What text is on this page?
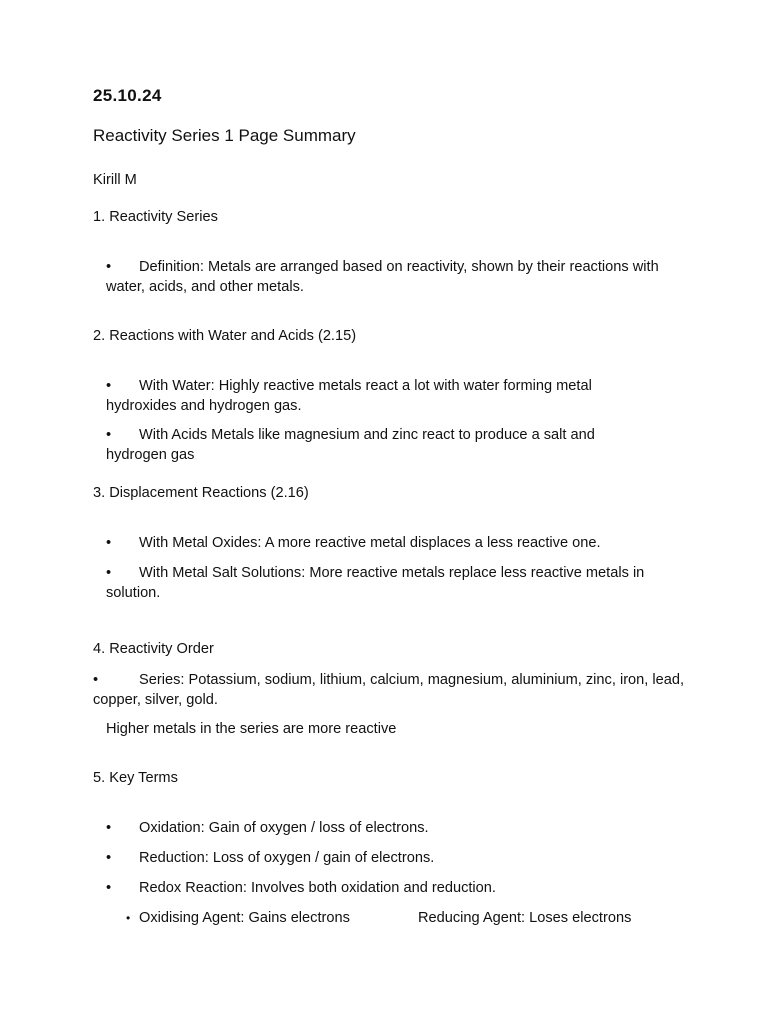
25.10.24
Reactivity Series 1 Page Summary
Kirill M
1. Reactivity Series
•	Definition: Metals are arranged based on reactivity, shown by their reactions with water, acids, and other metals.
2. Reactions with Water and Acids (2.15)
•	With Water: Highly reactive metals react a lot with water forming metal hydroxides and hydrogen gas.
•	With Acids Metals like magnesium and zinc react to produce a salt and hydrogen gas
3. Displacement Reactions (2.16)
•	With Metal Oxides: A more reactive metal displaces a less reactive one.
•	With Metal Salt Solutions: More reactive metals replace less reactive metals in solution.
4. Reactivity Order
•	Series: Potassium, sodium, lithium, calcium, magnesium, aluminium, zinc, iron, lead, copper, silver, gold.
Higher metals in the series are more reactive
5. Key Terms
•	Oxidation: Gain of oxygen / loss of electrons.
•	Reduction: Loss of oxygen / gain of electrons.
•	Redox Reaction: Involves both oxidation and reduction.
• Oxidising Agent: Gains electrons	Reducing Agent: Loses electrons
